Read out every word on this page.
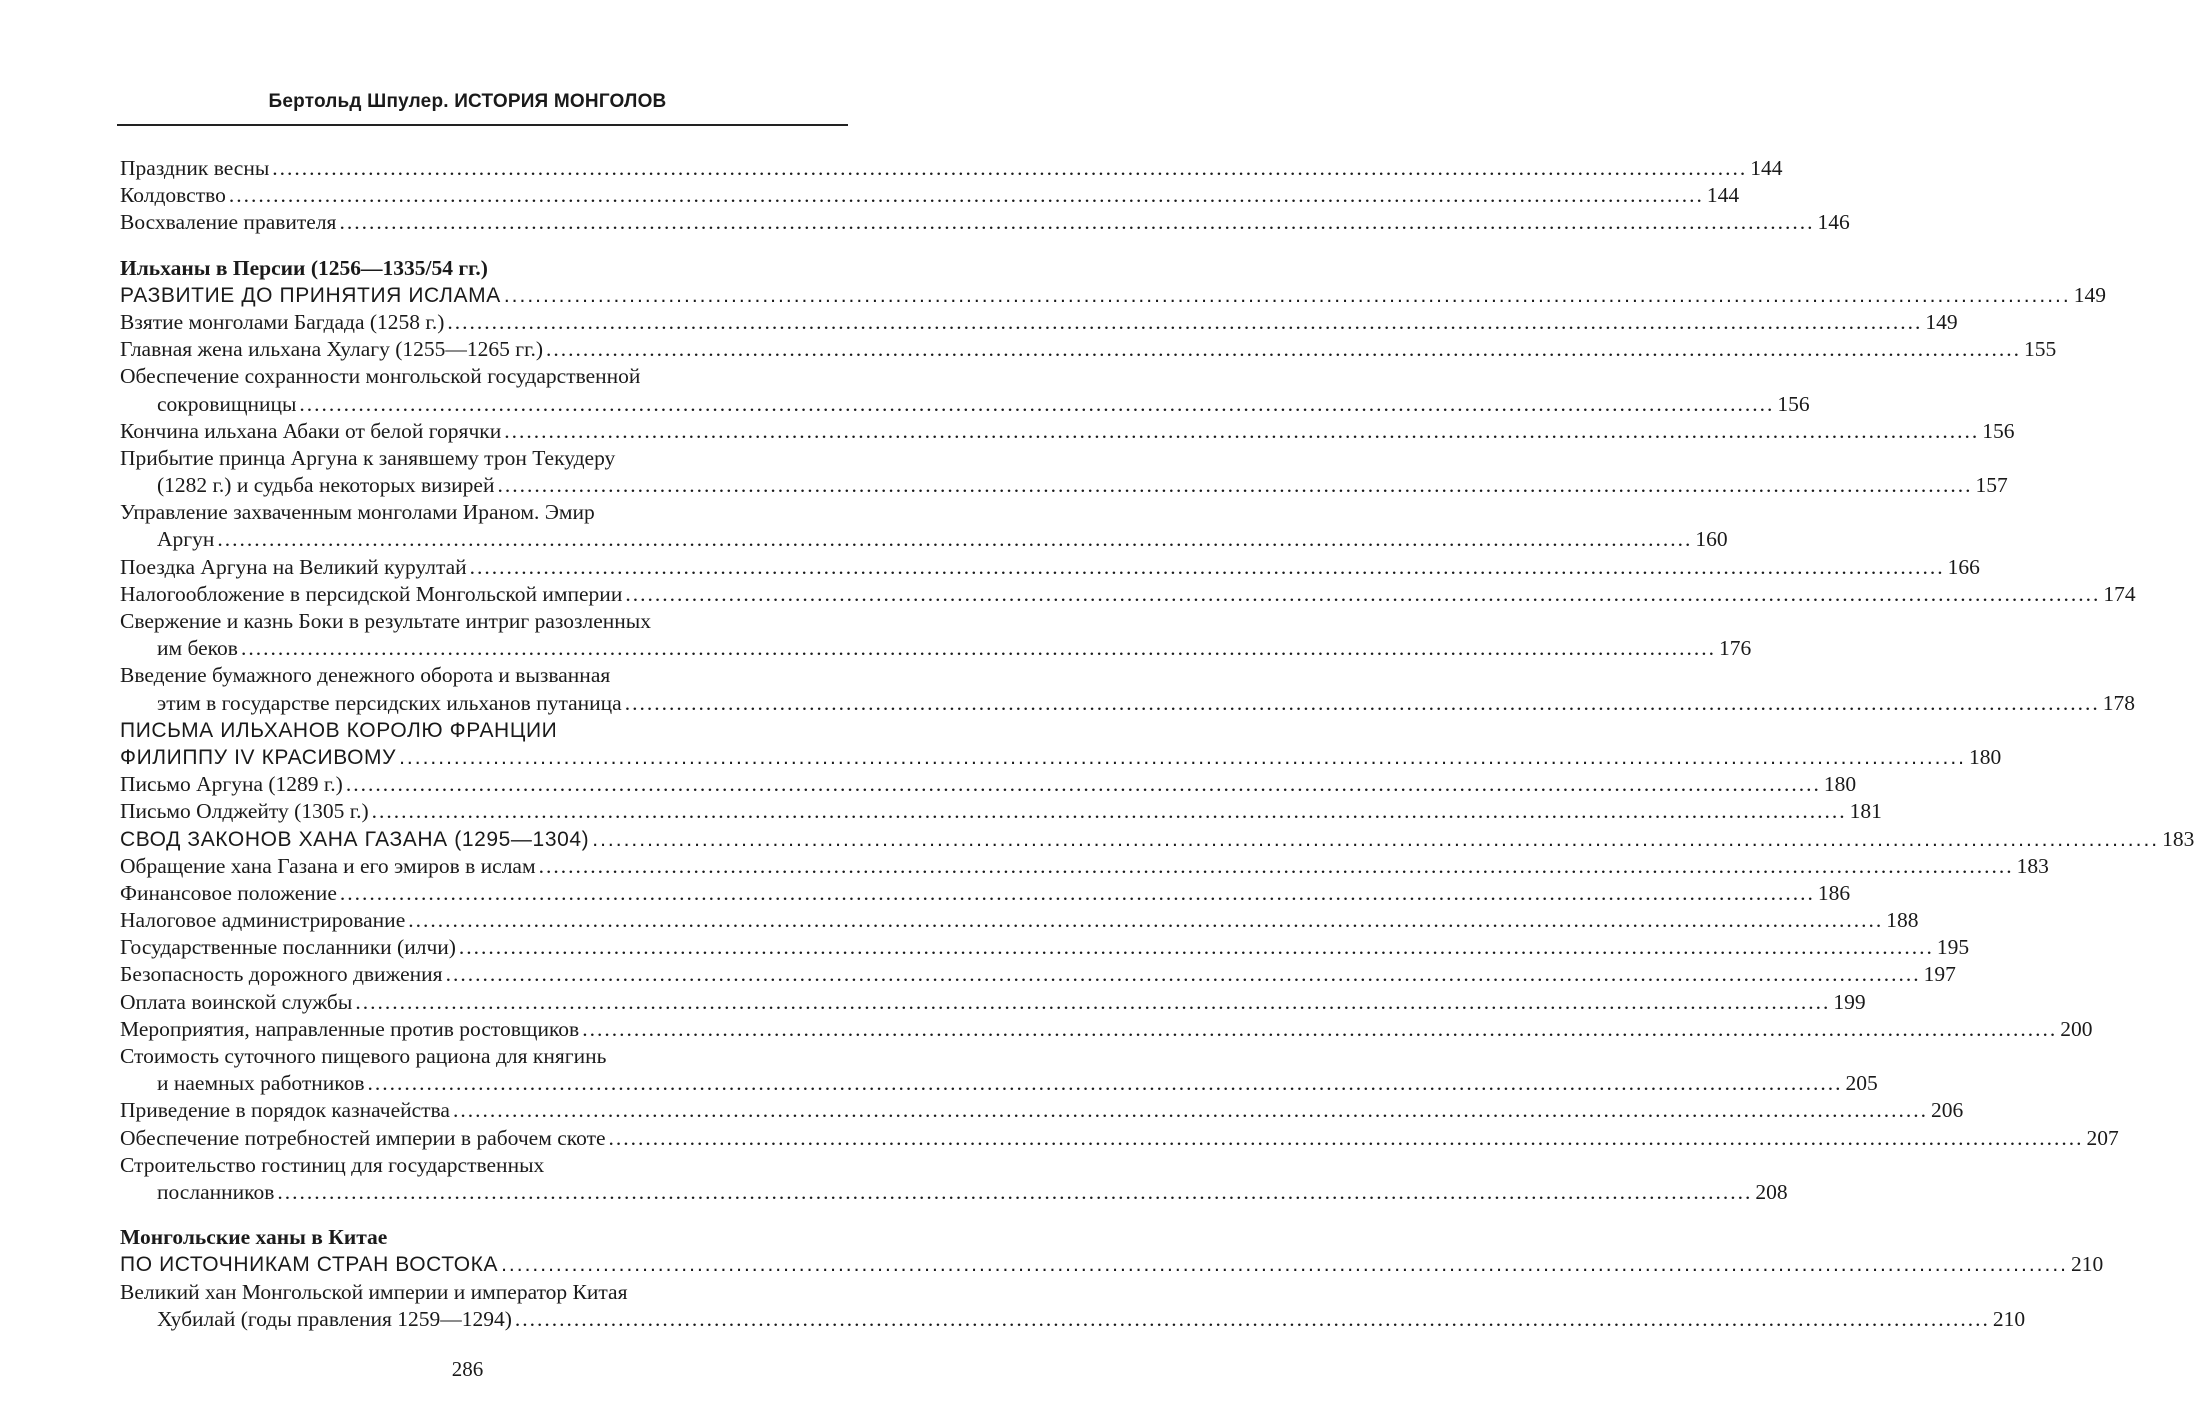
Бертольд Шпулер. ИСТОРИЯ МОНГОЛОВ
Праздник весны ........................................................................................................................................................................................................ 144
Колдовство ........................................................................................................................................................................................................ 144
Восхваление правителя ........................................................................................................................................................................................................ 146
Ильханы в Персии (1256—1335/54 гг.)
РАЗВИТИЕ ДО ПРИНЯТИЯ ИСЛАМА ........................................................................................................................................................................................................ 149
Взятие монголами Багдада (1258 г.) ........................................................................................................................................................................................................ 149
Главная жена ильхана Хулагу (1255—1265 гг.) ........................................................................................................................................................................................................ 155
Обеспечение сохранности монгольской государственной
сокровищницы ........................................................................................................................................................................................................ 156
Кончина ильхана Абаки от белой горячки ........................................................................................................................................................................................................ 156
Прибытие принца Аргуна к занявшему трон Текудеру
(1282 г.) и судьба некоторых визирей ........................................................................................................................................................................................................ 157
Управление захваченным монголами Ираном. Эмир
Аргун ........................................................................................................................................................................................................ 160
Поездка Аргуна на Великий курултай ........................................................................................................................................................................................................ 166
Налогообложение в персидской Монгольской империи ........................................................................................................................................................................................................ 174
Свержение и казнь Боки в результате интриг разозленных
им беков ........................................................................................................................................................................................................ 176
Введение бумажного денежного оборота и вызванная
этим в государстве персидских ильханов путаница ........................................................................................................................................................................................................ 178
ПИСЬМА ИЛЬХАНОВ КОРОЛЮ ФРАНЦИИ
ФИЛИППУ IV КРАСИВОМУ ........................................................................................................................................................................................................ 180
Письмо Аргуна (1289 г.) ........................................................................................................................................................................................................ 180
Письмо Олджейту (1305 г.) ........................................................................................................................................................................................................ 181
СВОД ЗАКОНОВ ХАНА ГАЗАНА (1295—1304) ........................................................................................................................................................................................................ 183
Обращение хана Газана и его эмиров в ислам ........................................................................................................................................................................................................ 183
Финансовое положение ........................................................................................................................................................................................................ 186
Налоговое администрирование ........................................................................................................................................................................................................ 188
Государственные посланники (илчи) ........................................................................................................................................................................................................ 195
Безопасность дорожного движения ........................................................................................................................................................................................................ 197
Оплата воинской службы ........................................................................................................................................................................................................ 199
Мероприятия, направленные против ростовщиков ........................................................................................................................................................................................................ 200
Стоимость суточного пищевого рациона для княгинь
и наемных работников ........................................................................................................................................................................................................ 205
Приведение в порядок казначейства ........................................................................................................................................................................................................ 206
Обеспечение потребностей империи в рабочем скоте ........................................................................................................................................................................................................ 207
Строительство гостиниц для государственных
посланников ........................................................................................................................................................................................................ 208
Монгольские ханы в Китае
ПО ИСТОЧНИКАМ СТРАН ВОСТОКА ........................................................................................................................................................................................................ 210
Великий хан Монгольской империи и император Китая
Хубилай (годы правления 1259—1294) ........................................................................................................................................................................................................ 210
286
